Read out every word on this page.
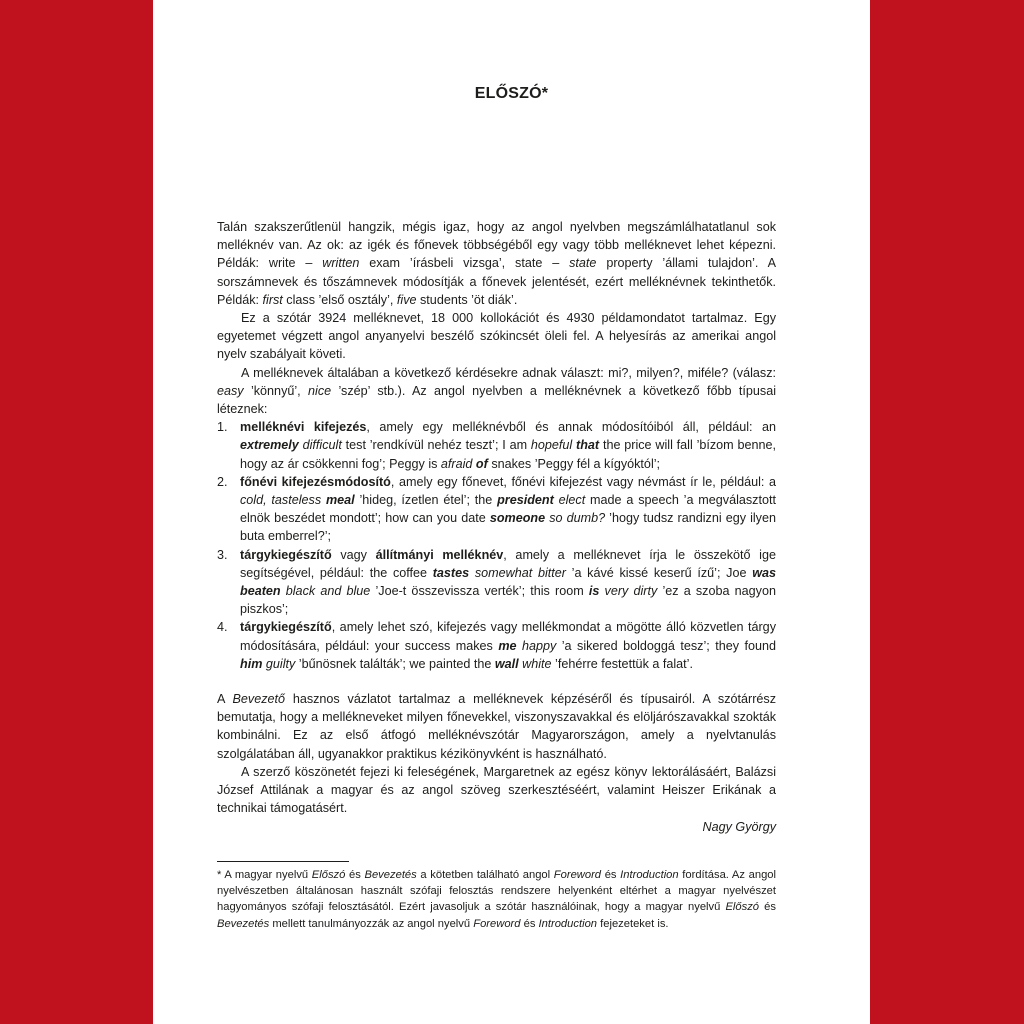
ELŐSZÓ*

Talán szakszerűtlenül hangzik, mégis igaz, hogy az angol nyelvben megszámlálhatatlanul sok melléknév van. Az ok: az igék és főnevek többségéből egy vagy több melléknevet lehet képezni. Példák: write – written exam ’írásbeli vizsga’, state – state property ’állami tulajdon’. A sorszámnevek és tőszámnevek módosítják a főnevek jelentését, ezért melléknévnek tekinthetők. Példák: first class ’első osztály’, five students ’öt diák’.

Ez a szótár 3924 melléknevet, 18 000 kollokációt és 4930 példamondatot tartalmaz. Egy egyetemet végzett angol anyanyelvi beszélő szókincsét öleli fel. A helyesírás az amerikai angol nyelv szabályait követi.

A melléknevek általában a következő kérdésekre adnak választ: mi?, milyen?, miféle? (válasz: easy ’könnyű’, nice ’szép’ stb.). Az angol nyelvben a melléknévnek a következő főbb típusai léteznek:

1. melléknévi kifejezés, amely egy melléknévből és annak módosítóiból áll, például: an extremely difficult test ’rendkívül nehéz teszt’; I am hopeful that the price will fall ’bízom benne, hogy az ár csökkenni fog’; Peggy is afraid of snakes ’Peggy fél a kígyóktól’;
2. főnévi kifejezésmódosító, amely egy főnevet, főnévi kifejezést vagy névmást ír le, például: a cold, tasteless meal ’hideg, ízetlen étel’; the president elect made a speech ’a megválasztott elnök beszédet mondott’; how can you date someone so dumb? ’hogy tudsz randizni egy ilyen buta emberrel?’;
3. tárgykiegészítő vagy állítmányi melléknév, amely a melléknevet írja le összekötő ige segítségével, például: the coffee tastes somewhat bitter ’a kávé kissé keserű ízű’; Joe was beaten black and blue ’Joe-t összevissza verték’; this room is very dirty ’ez a szoba nagyon piszkos’;
4. tárgykiegészítő, amely lehet szó, kifejezés vagy mellékmondat a mögötte álló közvetlen tárgy módosítására, például: your success makes me happy ’a sikered boldoggá tesz’; they found him guilty ’bűnösnek találták’; we painted the wall white ’fehérre festettük a falat’.

A Bevezető hasznos vázlatot tartalmaz a melléknevek képzéséről és típusairól. A szótárrész bemutatja, hogy a mellékneveket milyen főnevekkel, viszonyszavakkal és elöljárószavakkal szokták kombinálni. Ez az első átfogó melléknévszótár Magyarországon, amely a nyelvtanulás szolgálatában áll, ugyanakkor praktikus kézikönyvként is használható.

A szerző köszönetét fejezi ki feleségének, Margaretnek az egész könyv lektorálásáért, Balázsi József Attilának a magyar és az angol szöveg szerkesztéséért, valamint Heiszer Erikának a technikai támogatásért.

Nagy György

* A magyar nyelvű Előszó és Bevezetés a kötetben található angol Foreword és Introduction fordítása. Az angol nyelvészetben általánosan használt szófaji felosztás rendszere helyenként eltérhet a magyar nyelvészet hagyományos szófaji felosztásától. Ezért javasoljuk a szótár használóinak, hogy a magyar nyelvű Előszó és Bevezetés mellett tanulmányozzák az angol nyelvű Foreword és Introduction fejezeteket is.
